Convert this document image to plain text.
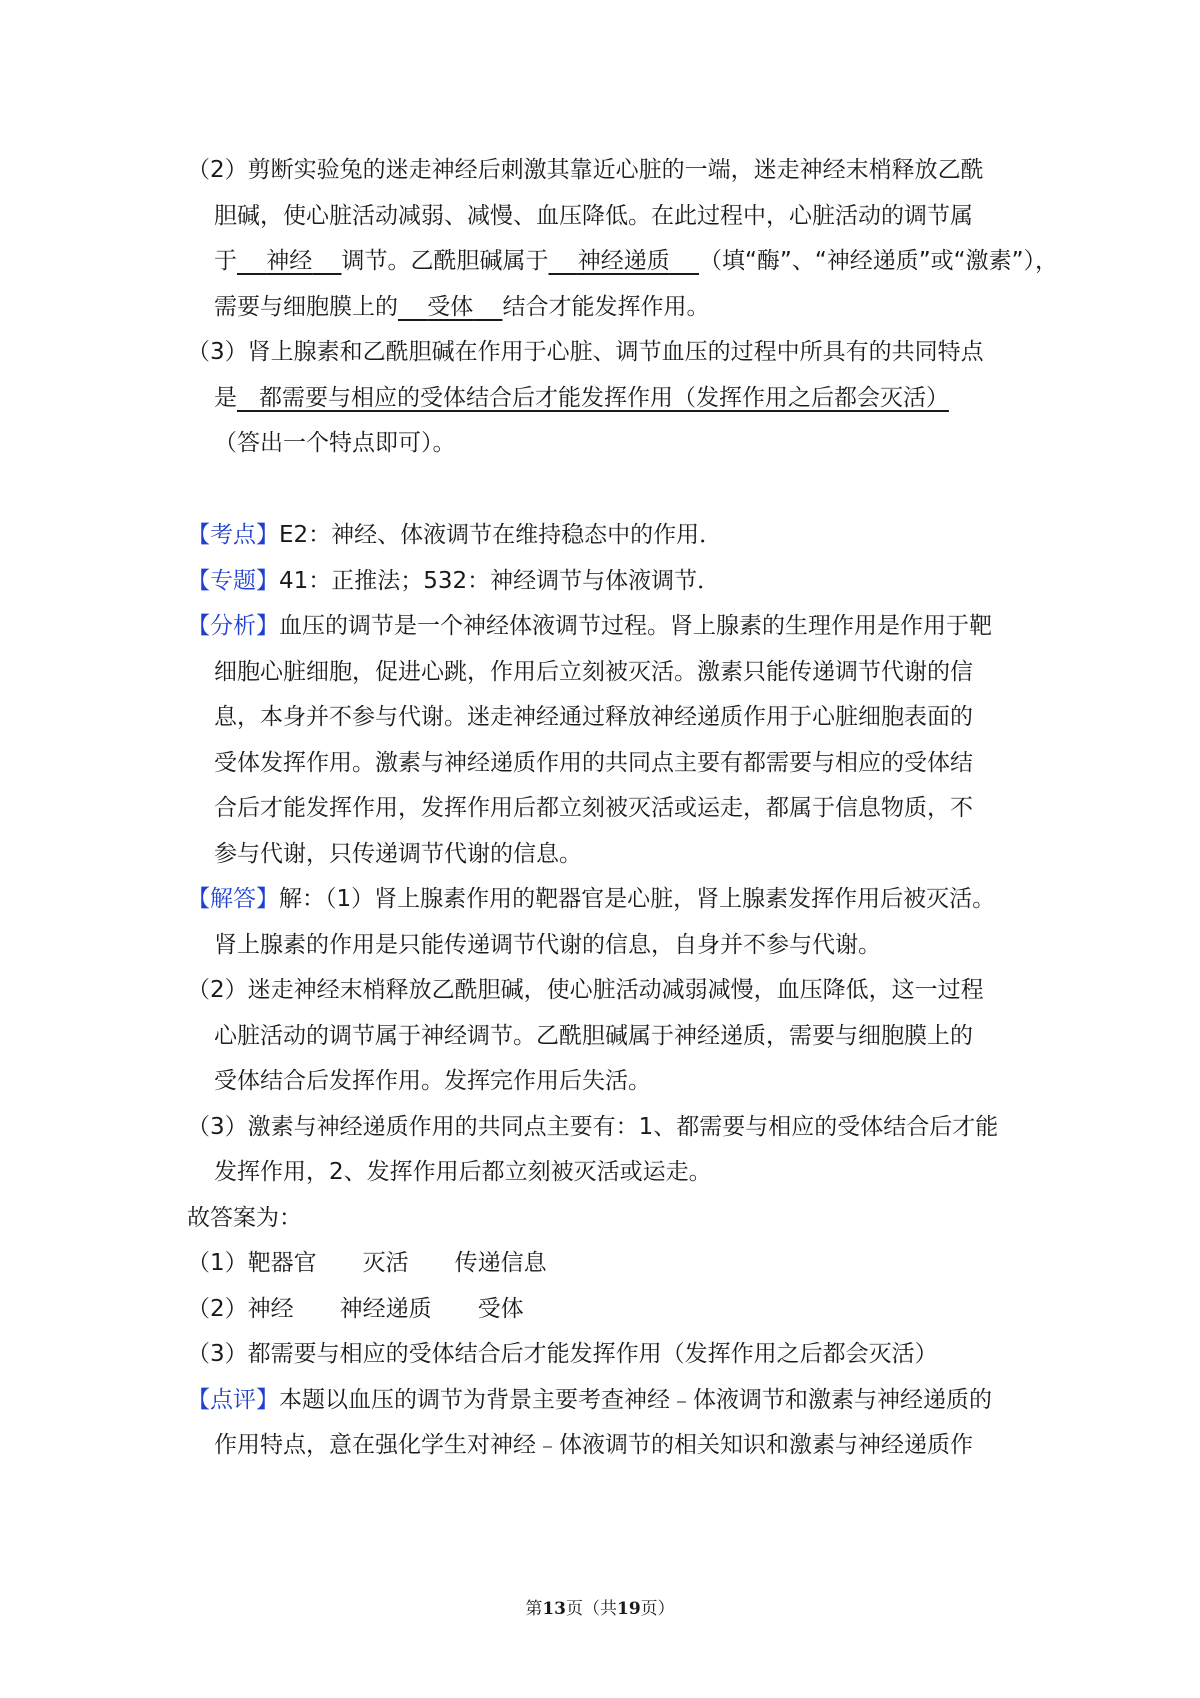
（2）剪断实验兔的迷走神经后刺激其靠近心脏的一端，迷走神经末梢释放乙酰
胆碱，使心脏活动减弱、减慢、血压降低。在此过程中，心脏活动的调节属
于 神经 调节。乙酰胆碱属于 神经递质 （填“酶”、“神经递质”或“激素”），
需要与细胞膜上的 受体 结合才能发挥作用。
（3）肾上腺素和乙酰胆碱在作用于心脏、调节血压的过程中所具有的共同特点
是 都需要与相应的受体结合后才能发挥作用（发挥作用之后都会灭活）
（答出一个特点即可）。
【考点】E2：神经、体液调节在维持稳态中的作用．
【专题】41：正推法；532：神经调节与体液调节．
【分析】血压的调节是一个神经体液调节过程。肾上腺素的生理作用是作用于靶
细胞心脏细胞，促进心跳，作用后立刻被灭活。激素只能传递调节代谢的信
息，本身并不参与代谢。迷走神经通过释放神经递质作用于心脏细胞表面的
受体发挥作用。激素与神经递质作用的共同点主要有都需要与相应的受体结
合后才能发挥作用，发挥作用后都立刻被灭活或运走，都属于信息物质，不
参与代谢，只传递调节代谢的信息。
【解答】解：（1）肾上腺素作用的靶器官是心脏，肾上腺素发挥作用后被灭活。
肾上腺素的作用是只能传递调节代谢的信息，自身并不参与代谢。
（2）迷走神经末梢释放乙酰胆碱，使心脏活动减弱减慢，血压降低，这一过程
心脏活动的调节属于神经调节。乙酰胆碱属于神经递质，需要与细胞膜上的
受体结合后发挥作用。发挥完作用后失活。
（3）激素与神经递质作用的共同点主要有：1、都需要与相应的受体结合后才能
发挥作用，2、发挥作用后都立刻被灭活或运走。
故答案为：
（1）靶器官　　灭活　　传递信息
（2）神经　　神经递质　　受体
（3）都需要与相应的受体结合后才能发挥作用（发挥作用之后都会灭活）
【点评】本题以血压的调节为背景主要考查神经﹣体液调节和激素与神经递质的
作用特点，意在强化学生对神经﹣体液调节的相关知识和激素与神经递质作
第13页（共19页）
